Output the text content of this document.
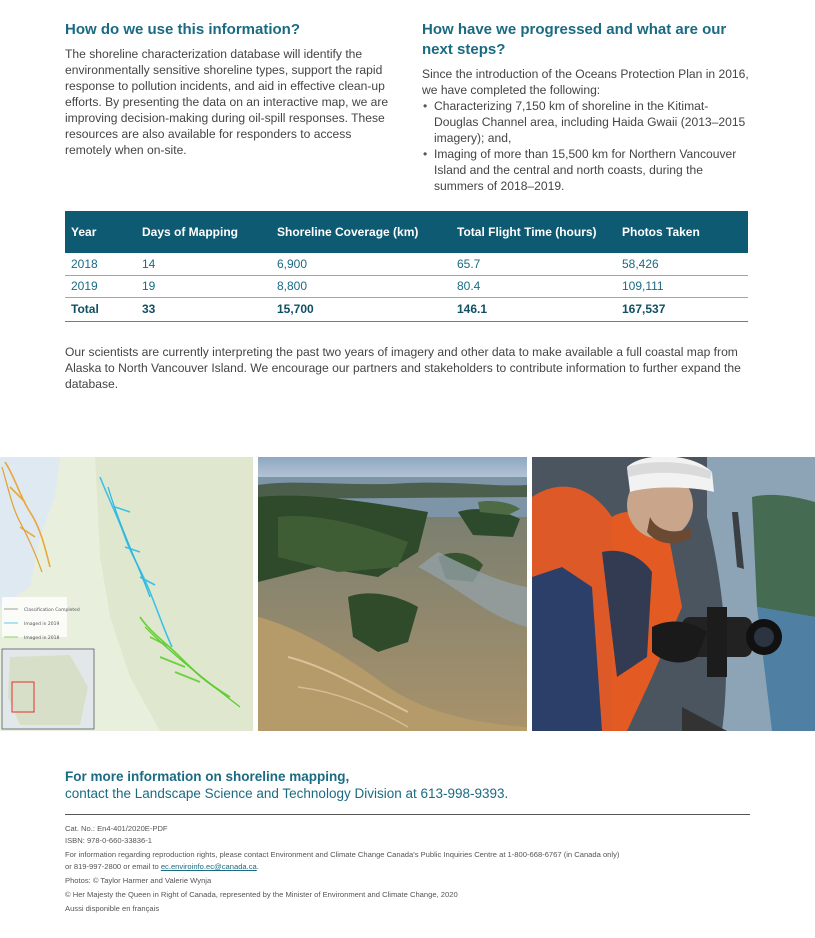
How do we use this information?

The shoreline characterization database will identify the environmentally sensitive shoreline types, support the rapid response to pollution incidents, and aid in effective clean-up efforts. By presenting the data on an interactive map, we are improving decision-making during oil-spill responses. These resources are also available for responders to access remotely when on-site.

How have we progressed and what are our next steps?

Since the introduction of the Oceans Protection Plan in 2016, we have completed the following:

• Characterizing 7,150 km of shoreline in the Kitimat-Douglas Channel area, including Haida Gwaii (2013–2015 imagery); and,
• Imaging of more than 15,500 km for Northern Vancouver Island and the central and north coasts, during the summers of 2018–2019.
Year	Days of Mapping	Shoreline Coverage (km)	Total Flight Time (hours)	Photos Taken
2018	14	6,900	65.7	58,426
2019	19	8,800	80.4	109,111
Total	33	15,700	146.1	167,537

Our scientists are currently interpreting the past two years of imagery and other data to make available a full coastal map from Alaska to North Vancouver Island. We encourage our partners and stakeholders to contribute information to further expand the database.

Classification Completed
Imaged in 2019
Imaged in 2018

For more information on shoreline mapping,

contact the Landscape Science and Technology Division at 613-998-9393.

Cat. No.: En4-401/2020E-PDF

ISBN: 978-0-660-33836-1

For information regarding reproduction rights, please contact Environment and Climate Change Canada's Public Inquiries Centre at 1-800-668-6767 (in Canada only)

or 819-997-2800 or email to ec.enviroinfo.ec@canada.ca.

Photos: © Taylor Harmer and Valerie Wynja

© Her Majesty the Queen in Right of Canada, represented by the Minister of Environment and Climate Change, 2020

Aussi disponible en français
